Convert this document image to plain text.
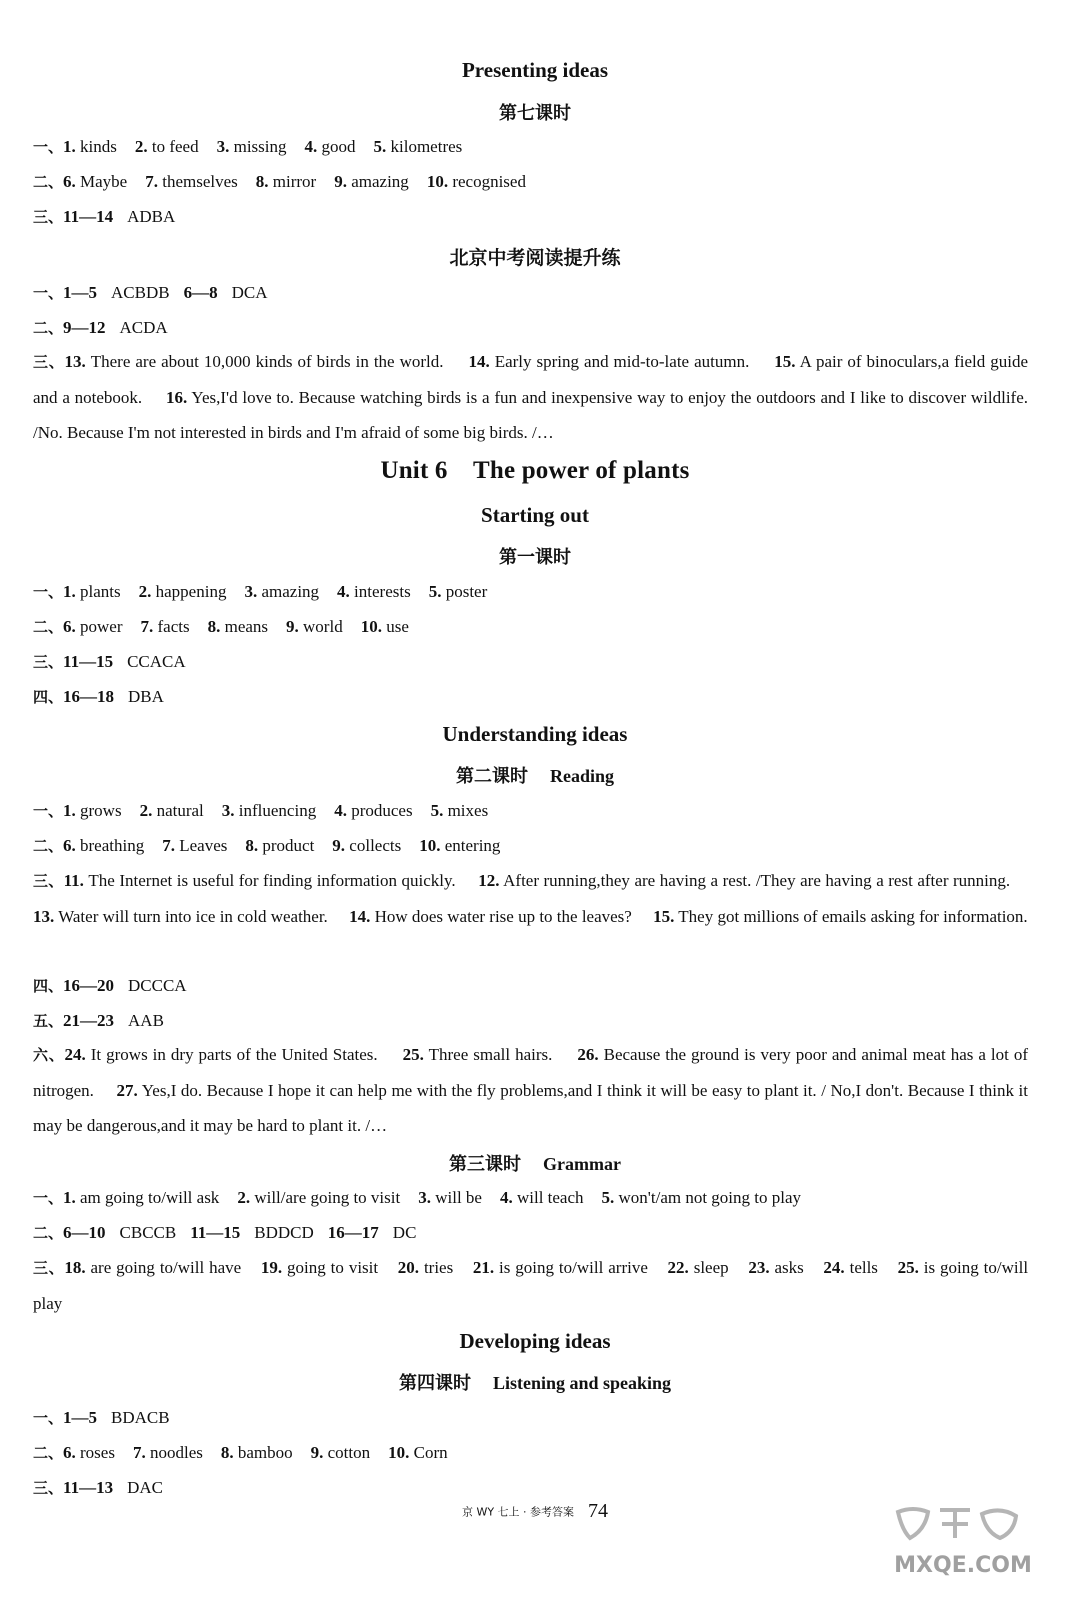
Presenting ideas
第七课时
一、1. kinds 2. to feed 3. missing 4. good 5. kilometres
二、6. Maybe 7. themselves 8. mirror 9. amazing 10. recognised
三、11—14 ADBA
北京中考阅读提升练
一、1—5 ACBDB 6—8 DCA
二、9—12 ACDA
三、13. There are about 10,000 kinds of birds in the world. 14. Early spring and mid-to-late autumn. 15. A pair of binoculars,a field guide and a notebook. 16. Yes,I'd love to. Because watching birds is a fun and inexpensive way to enjoy the outdoors and I like to discover wildlife. /No. Because I'm not interested in birds and I'm afraid of some big birds. /…
Unit 6    The power of plants
Starting out
第一课时
一、1. plants 2. happening 3. amazing 4. interests 5. poster
二、6. power 7. facts 8. means 9. world 10. use
三、11—15 CCACA
四、16—18 DBA
Understanding ideas
第二课时 Reading
一、1. grows 2. natural 3. influencing 4. produces 5. mixes
二、6. breathing 7. Leaves 8. product 9. collects 10. entering
三、11. The Internet is useful for finding information quickly. 12. After running,they are having a rest. /They are having a rest after running.     13. Water will turn into ice in cold weather. 14. How does water rise up to the leaves? 15. They got millions of emails asking for information.
四、16—20 DCCCA
五、21—23 AAB
六、24. It grows in dry parts of the United States. 25. Three small hairs. 26. Because the ground is very poor and animal meat has a lot of nitrogen. 27. Yes,I do. Because I hope it can help me with the fly problems,and I think it will be easy to plant it. / No,I don't. Because I think it may be dangerous,and it may be hard to plant it. /…
第三课时 Grammar
一、1. am going to/will ask 2. will/are going to visit 3. will be 4. will teach 5. won't/am not going to play
二、6—10 CBCCB 11—15 BDDCD 16—17 DC
三、18. are going to/will have 19. going to visit 20. tries 21. is going to/will arrive 22. sleep 23. asks 24. tells 25. is going to/will play
Developing ideas
第四课时 Listening and speaking
一、1—5 BDACB
二、6. roses 7. noodles 8. bamboo 9. cotton 10. Corn
三、11—13 DAC
京 WY 七上 · 参考答案 74
MXQE.COM
